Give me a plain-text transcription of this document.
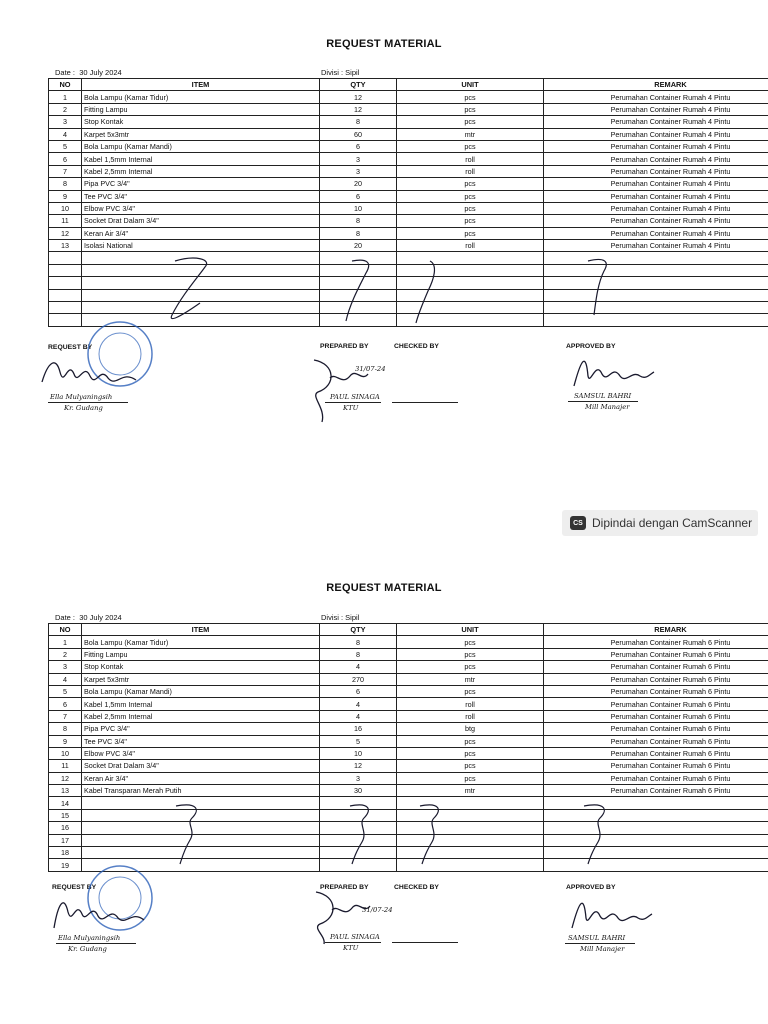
REQUEST MATERIAL
Date : 30 July 2024	Divisi : Sipil
NO	ITEM	QTY	UNIT	REMARK
1	Bola Lampu (Kamar Tidur)	12	pcs	Perumahan Container Rumah 4 Pintu
2	Fitting Lampu	12	pcs	Perumahan Container Rumah 4 Pintu
3	Stop Kontak	8	pcs	Perumahan Container Rumah 4 Pintu
4	Karpet 5x3mtr	60	mtr	Perumahan Container Rumah 4 Pintu
5	Bola Lampu (Kamar Mandi)	6	pcs	Perumahan Container Rumah 4 Pintu
6	Kabel 1,5mm Internal	3	roll	Perumahan Container Rumah 4 Pintu
7	Kabel 2,5mm Internal	3	roll	Perumahan Container Rumah 4 Pintu
8	Pipa PVC 3/4"	20	pcs	Perumahan Container Rumah 4 Pintu
9	Tee PVC 3/4"	6	pcs	Perumahan Container Rumah 4 Pintu
10	Elbow PVC 3/4"	10	pcs	Perumahan Container Rumah 4 Pintu
11	Socket Drat Dalam 3/4"	8	pcs	Perumahan Container Rumah 4 Pintu
12	Keran Air 3/4"	8	pcs	Perumahan Container Rumah 4 Pintu
13	Isolasi National	20	roll	Perumahan Container Rumah 4 Pintu

REQUEST BY	PREPARED BY	CHECKED BY	APPROVED BY
Ella Mulyaningsih
Kr. Gudang
31/07-24
PAUL SINAGA
KTU
SAMSUL BAHRI
Mill Manajer
CS Dipindai dengan CamScanner
REQUEST MATERIAL
Date : 30 July 2024	Divisi : Sipil
NO	ITEM	QTY	UNIT	REMARK
1	Bola Lampu (Kamar Tidur)	8	pcs	Perumahan Container Rumah 6 Pintu
2	Fitting Lampu	8	pcs	Perumahan Container Rumah 6 Pintu
3	Stop Kontak	4	pcs	Perumahan Container Rumah 6 Pintu
4	Karpet 5x3mtr	270	mtr	Perumahan Container Rumah 6 Pintu
5	Bola Lampu (Kamar Mandi)	6	pcs	Perumahan Container Rumah 6 Pintu
6	Kabel 1,5mm Internal	4	roll	Perumahan Container Rumah 6 Pintu
7	Kabel 2,5mm Internal	4	roll	Perumahan Container Rumah 6 Pintu
8	Pipa PVC 3/4"	16	btg	Perumahan Container Rumah 6 Pintu
9	Tee PVC 3/4"	5	pcs	Perumahan Container Rumah 6 Pintu
10	Elbow PVC 3/4"	10	pcs	Perumahan Container Rumah 6 Pintu
11	Socket Drat Dalam 3/4"	12	pcs	Perumahan Container Rumah 6 Pintu
12	Keran Air 3/4"	3	pcs	Perumahan Container Rumah 6 Pintu
13	Kabel Transparan Merah Putih	30	mtr	Perumahan Container Rumah 6 Pintu
14				
15				
16				
17				
18				
19				
REQUEST BY	PREPARED BY	CHECKED BY	APPROVED BY
Ella Mulyaningsih
Kr. Gudang
31/07-24
PAUL SINAGA
KTU
SAMSUL BAHRI
Mill Manajer
